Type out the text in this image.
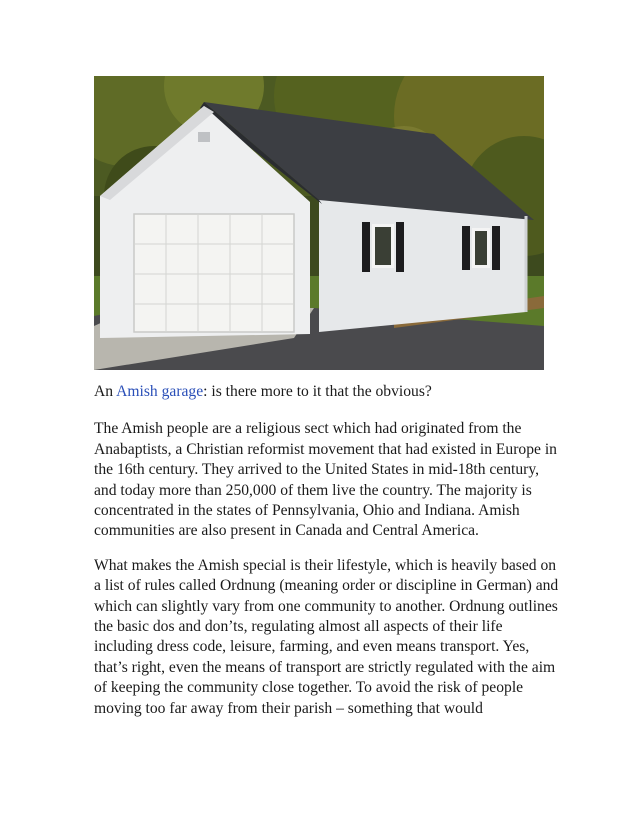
An Amish garage: is there more to it that the obvious?

The Amish people are a religious sect which had originated from the Anabaptists, a Christian reformist movement that had existed in Europe in the 16th century. They arrived to the United States in mid-18th century, and today more than 250,000 of them live the country. The majority is concentrated in the states of Pennsylvania, Ohio and Indiana. Amish communities are also present in Canada and Central America.

What makes the Amish special is their lifestyle, which is heavily based on a list of rules called Ordnung (meaning order or discipline in German) and which can slightly vary from one community to another. Ordnung outlines the basic dos and don’ts, regulating almost all aspects of their life including dress code, leisure, farming, and even means transport. Yes, that’s right, even the means of transport are strictly regulated with the aim of keeping the community close together. To avoid the risk of people moving too far away from their parish – something that would
